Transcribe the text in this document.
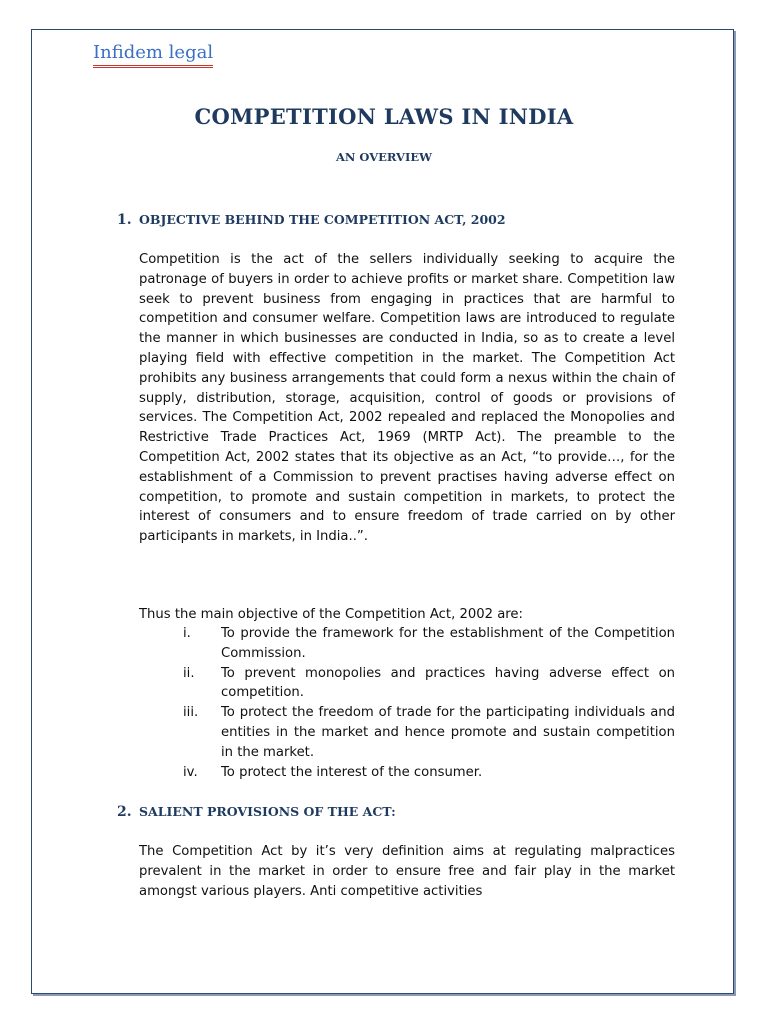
Infidem legal
COMPETITION LAWS IN INDIA
AN OVERVIEW
1. OBJECTIVE BEHIND THE COMPETITION ACT, 2002

Competition is the act of the sellers individually seeking to acquire the patronage of buyers in order to achieve profits or market share. Competition law seek to prevent business from engaging in practices that are harmful to competition and consumer welfare. Competition laws are introduced to regulate the manner in which businesses are conducted in India, so as to create a level playing field with effective competition in the market. The Competition Act prohibits any business arrangements that could form a nexus within the chain of supply, distribution, storage, acquisition, control of goods or provisions of services. The Competition Act, 2002 repealed and replaced the Monopolies and Restrictive Trade Practices Act, 1969 (MRTP Act). The preamble to the Competition Act, 2002 states that its objective as an Act, “to provide…, for the establishment of a Commission to prevent practises having adverse effect on competition, to promote and sustain competition in markets, to protect the interest of consumers and to ensure freedom of trade carried on by other participants in markets, in India..”.

Thus the main objective of the Competition Act, 2002 are:

i.	To provide the framework for the establishment of the Competition Commission.
ii.	To prevent monopolies and practices having adverse effect on competition.
iii.	To protect the freedom of trade for the participating individuals and entities in the market and hence promote and sustain competition in the market.
iv.	To protect the interest of the consumer.
2. SALIENT PROVISIONS OF THE ACT:

The Competition Act by it’s very definition aims at regulating malpractices prevalent in the market in order to ensure free and fair play in the market amongst various players. Anti competitive activities
